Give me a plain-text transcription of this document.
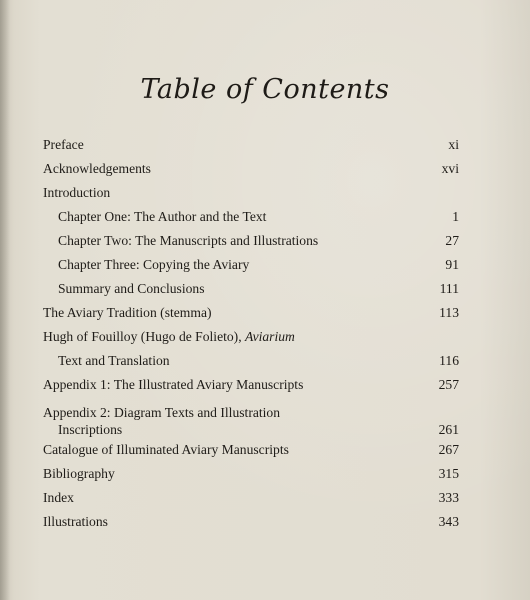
Table of Contents
Preface	xi
Acknowledgements	xvi
Introduction
Chapter One: The Author and the Text	1
Chapter Two: The Manuscripts and Illustrations	27
Chapter Three: Copying the Aviary	91
Summary and Conclusions	111
The Aviary Tradition (stemma)	113
Hugh of Fouilloy (Hugo de Folieto), Aviarium
Text and Translation	116
Appendix 1: The Illustrated Aviary Manuscripts	257
Appendix 2: Diagram Texts and Illustration
Inscriptions	261
Catalogue of Illuminated Aviary Manuscripts	267
Bibliography	315
Index	333
Illustrations	343
